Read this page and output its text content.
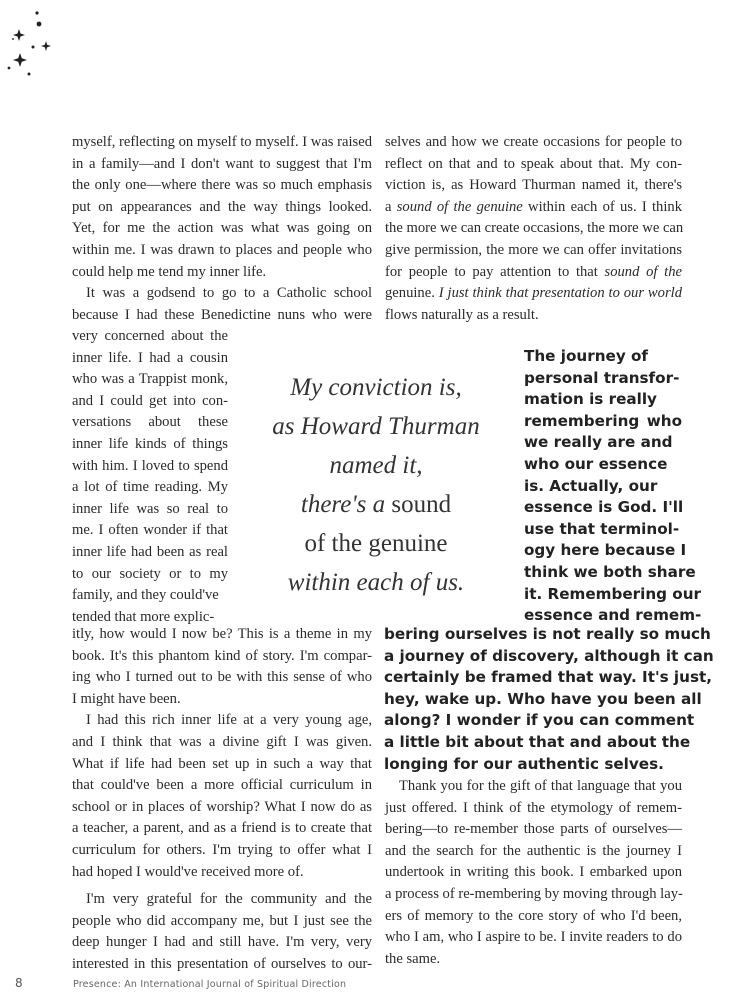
myself, reflecting on myself to myself. I was raised
in a family—and I don't want to suggest that I'm
the only one—where there was so much emphasis
put on appearances and the way things looked.
Yet, for me the action was what was going on
within me. I was drawn to places and people who
could help me tend my inner life.
It was a godsend to go to a Catholic school
because I had these Benedictine nuns who were
very concerned about the
inner life. I had a cousin
who was a Trappist monk,
and I could get into con-
versations about these
inner life kinds of things
with him. I loved to spend
a lot of time reading. My
inner life was so real to
me. I often wonder if that
inner life had been as real
to our society or to my
family, and they could've
tended that more explic-
My conviction is,
as Howard Thurman
named it,
there's a sound
of the genuine
within each of us.
itly, how would I now be? This is a theme in my
book. It's this phantom kind of story. I'm compar-
ing who I turned out to be with this sense of who
I might have been.
I had this rich inner life at a very young age,
and I think that was a divine gift I was given.
What if life had been set up in such a way that
that could've been a more official curriculum in
school or in places of worship? What I now do as
a teacher, a parent, and as a friend is to create that
curriculum for others. I'm trying to offer what I
had hoped I would've received more of.
I'm very grateful for the community and the
people who did accompany me, but I just see the
deep hunger I had and still have. I'm very, very
interested in this presentation of ourselves to our-
selves and how we create occasions for people to
reflect on that and to speak about that. My con-
viction is, as Howard Thurman named it, there's
a sound of the genuine within each of us. I think
the more we can create occasions, the more we can
give permission, the more we can offer invitations
for people to pay attention to that sound of the
genuine. I just think that presentation to our world
flows naturally as a result.
The journey of
personal transfor-
mation is really
remembering who
we really are and
who our essence
is. Actually, our
essence is God. I'll
use that terminol-
ogy here because I
think we both share
it. Remembering our
essence and remem-
bering ourselves is not really so much
a journey of discovery, although it can
certainly be framed that way. It's just,
hey, wake up. Who have you been all
along? I wonder if you can comment
a little bit about that and about the
longing for our authentic selves.
Thank you for the gift of that language that you
just offered. I think of the etymology of remem-
bering—to re-member those parts of ourselves—
and the search for the authentic is the journey I
undertook in writing this book. I embarked upon
a process of re-membering by moving through lay-
ers of memory to the core story of who I'd been,
who I am, who I aspire to be. I invite readers to do
the same.
8	Presence: An International Journal of Spiritual Direction
